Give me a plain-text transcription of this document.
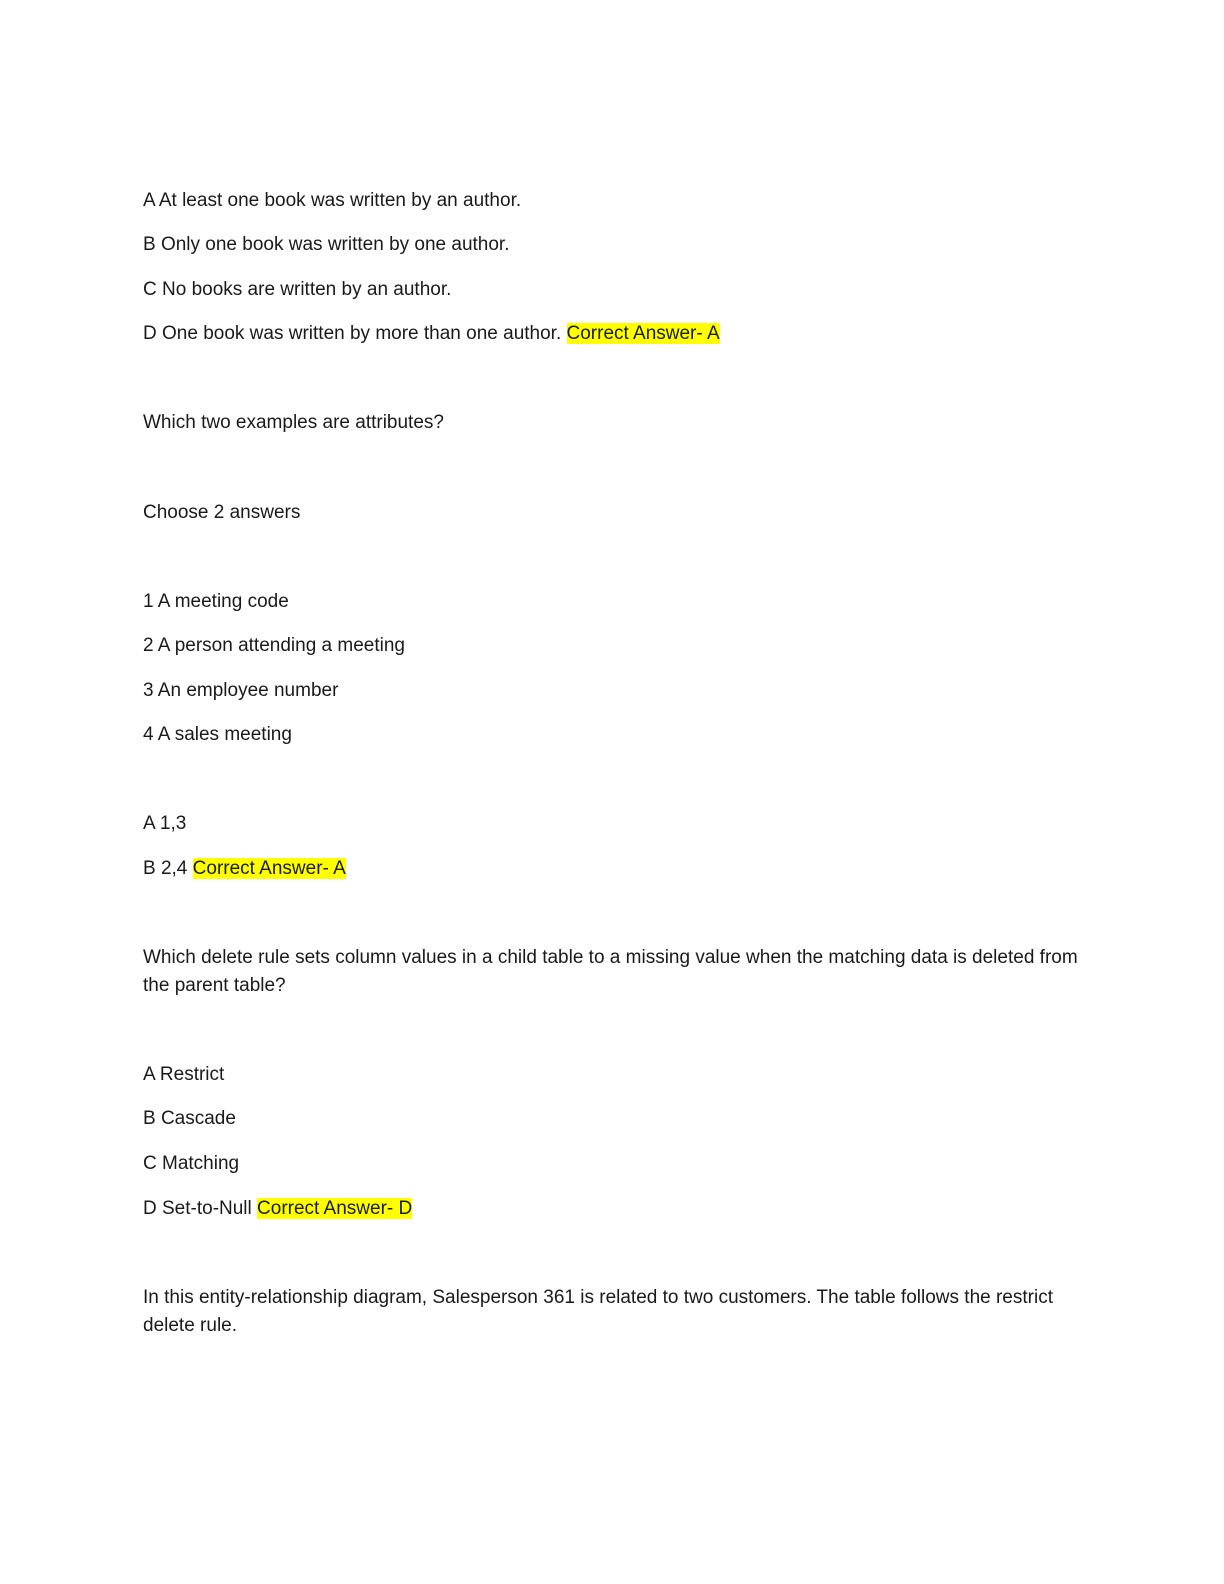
A At least one book was written by an author.
B Only one book was written by one author.
C No books are written by an author.
D One book was written by more than one author. Correct Answer- A
Which two examples are attributes?
Choose 2 answers
1 A meeting code
2 A person attending a meeting
3 An employee number
4 A sales meeting
A 1,3
B 2,4 Correct Answer- A
Which delete rule sets column values in a child table to a missing value when the matching data is deleted from the parent table?
A Restrict
B Cascade
C Matching
D Set-to-Null Correct Answer- D
In this entity-relationship diagram, Salesperson 361 is related to two customers. The table follows the restrict delete rule.
